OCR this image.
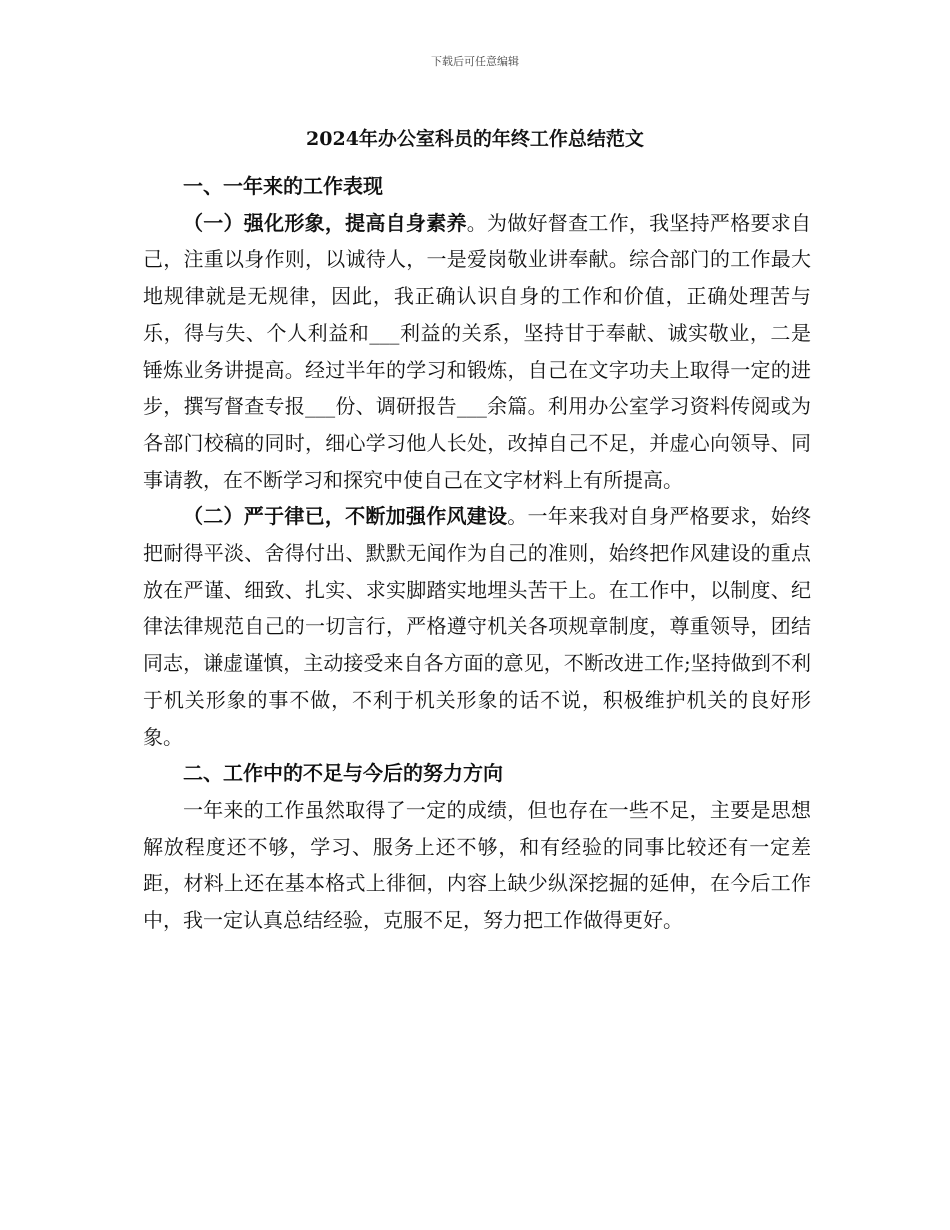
下载后可任意编辑
2024年办公室科员的年终工作总结范文
一、一年来的工作表现

（一）强化形象，提高自身素养。为做好督查工作，我坚持严格要求自己，注重以身作则，以诚待人，一是爱岗敬业讲奉献。综合部门的工作最大地规律就是无规律，因此，我正确认识自身的工作和价值，正确处理苦与乐，得与失、个人利益和___利益的关系，坚持甘于奉献、诚实敬业，二是锤炼业务讲提高。经过半年的学习和锻炼，自己在文字功夫上取得一定的进步，撰写督查专报___份、调研报告___余篇。利用办公室学习资料传阅或为各部门校稿的同时，细心学习他人长处，改掉自己不足，并虚心向领导、同事请教，在不断学习和探究中使自己在文字材料上有所提高。

（二）严于律已，不断加强作风建设。一年来我对自身严格要求，始终把耐得平淡、舍得付出、默默无闻作为自己的准则，始终把作风建设的重点放在严谨、细致、扎实、求实脚踏实地埋头苦干上。在工作中，以制度、纪律法律规范自己的一切言行，严格遵守机关各项规章制度，尊重领导，团结同志，谦虚谨慎，主动接受来自各方面的意见，不断改进工作;坚持做到不利于机关形象的事不做，不利于机关形象的话不说，积极维护机关的良好形象。

二、工作中的不足与今后的努力方向

一年来的工作虽然取得了一定的成绩，但也存在一些不足，主要是思想解放程度还不够，学习、服务上还不够，和有经验的同事比较还有一定差距，材料上还在基本格式上徘徊，内容上缺少纵深挖掘的延伸，在今后工作中，我一定认真总结经验，克服不足，努力把工作做得更好。
